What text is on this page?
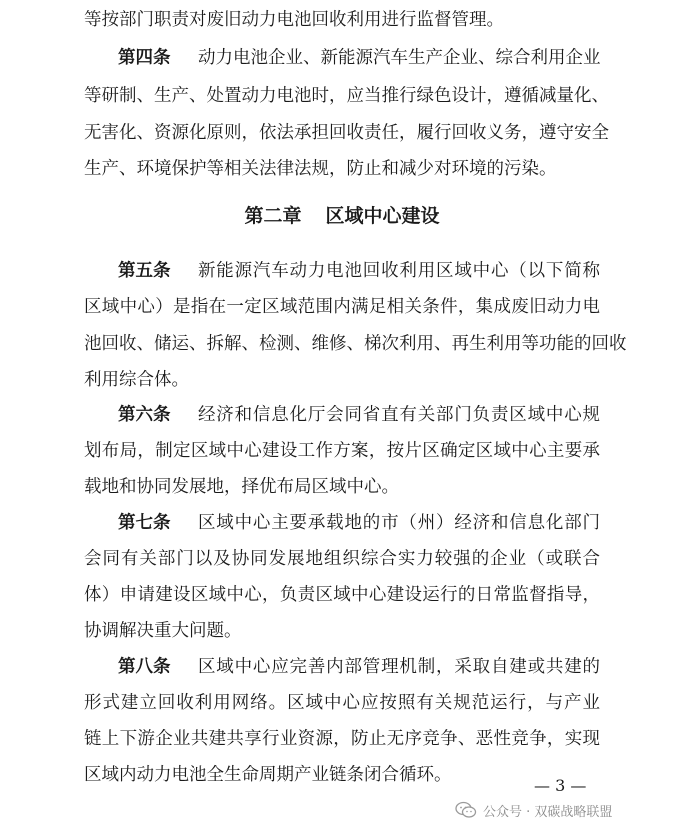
等按部门职责对废旧动力电池回收利用进行监督管理。
第四条 动力电池企业、新能源汽车生产企业、综合利用企业
等研制、生产、处置动力电池时，应当推行绿色设计，遵循减量化、
无害化、资源化原则，依法承担回收责任，履行回收义务，遵守安全
生产、环境保护等相关法律法规，防止和减少对环境的污染。
第二章 区域中心建设
第五条 新能源汽车动力电池回收利用区域中心（以下简称
区域中心）是指在一定区域范围内满足相关条件，集成废旧动力电
池回收、储运、拆解、检测、维修、梯次利用、再生利用等功能的回收
利用综合体。
第六条 经济和信息化厅会同省直有关部门负责区域中心规
划布局，制定区域中心建设工作方案，按片区确定区域中心主要承
载地和协同发展地，择优布局区域中心。
第七条 区域中心主要承载地的市（州）经济和信息化部门
会同有关部门以及协同发展地组织综合实力较强的企业（或联合
体）申请建设区域中心，负责区域中心建设运行的日常监督指导，
协调解决重大问题。
第八条 区域中心应完善内部管理机制，采取自建或共建的
形式建立回收利用网络。区域中心应按照有关规范运行，与产业
链上下游企业共建共享行业资源，防止无序竞争、恶性竞争，实现
区域内动力电池全生命周期产业链条闭合循环。
— 3 —
公众号 · 双碳战略联盟
